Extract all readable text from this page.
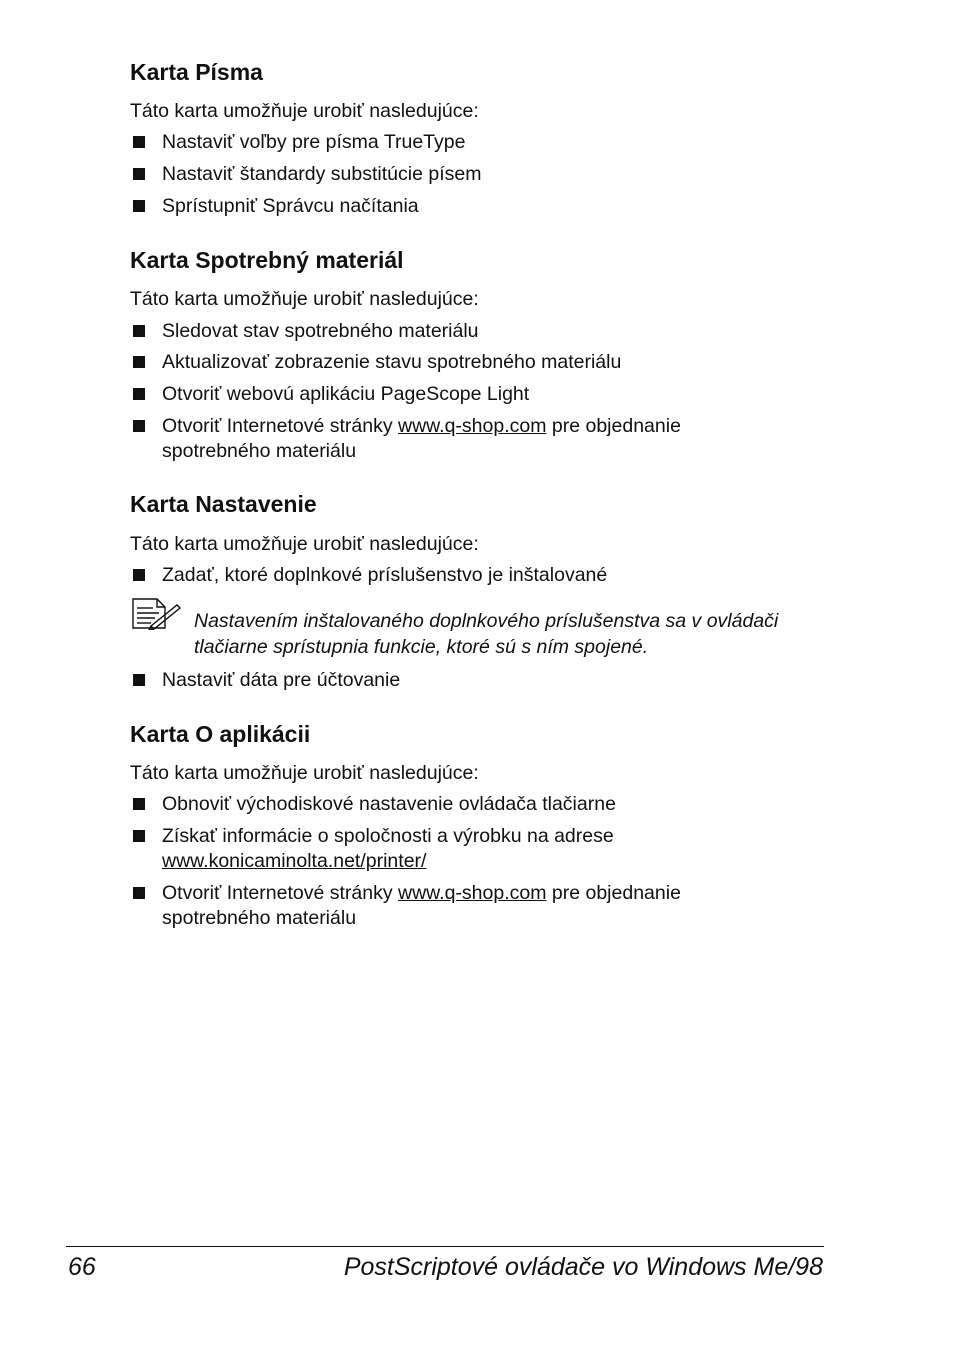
Karta Písma

Táto karta umožňuje urobiť nasledujúce:

Nastaviť voľby pre písma TrueType

Nastaviť štandardy substitúcie písem

Sprístupniť Správcu načítania

Karta Spotrebný materiál

Táto karta umožňuje urobiť nasledujúce:

Sledovat stav spotrebného materiálu

Aktualizovať zobrazenie stavu spotrebného materiálu

Otvoriť webovú aplikáciu PageScope Light

Otvoriť Internetové stránky www.q-shop.com pre objednanie

spotrebného materiálu

Karta Nastavenie

Táto karta umožňuje urobiť nasledujúce:

Zadať, ktoré doplnkové príslušenstvo je inštalované

Nastavením inštalovaného doplnkového príslušenstva sa v ovládači
tlačiarne sprístupnia funkcie, ktoré sú s ním spojené.

Nastaviť dáta pre účtovanie

Karta O aplikácii

Táto karta umožňuje urobiť nasledujúce:

Obnoviť východiskové nastavenie ovládača tlačiarne

Získať informácie o spoločnosti a výrobku na adrese

www.konicaminolta.net/printer/

Otvoriť Internetové stránky www.q-shop.com pre objednanie

spotrebného materiálu

66	PostScriptové ovládače vo Windows Me/98
